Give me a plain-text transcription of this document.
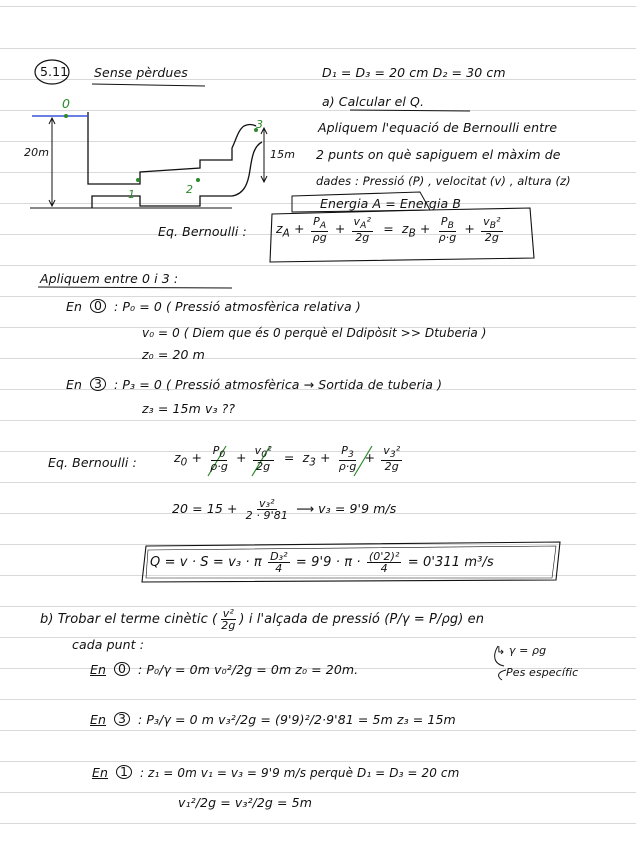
5.11 Sense pèrdues	D₁ = D₃ = 20 cm D₂ = 30 cm
a) Calcular el Q.
0
20m	15m
1	2
3	Apliquem l'equació de Bernoulli entre
2 punts on què sapiguem el màxim de
dades : Pressió (P) , velocitat (v) , altura (z)
Energia A = Energia B
Eq. Bernoulli : $z_A + \frac{P_A}{\rho g} + \frac{v_A^2}{2g} = z_B + \frac{P_B}{\rho\cdot g} + \frac{v_B^2}{2g}$
Apliquem entre 0 i 3 :
En 0 : P₀ = 0 ( Pressió atmosfèrica relativa )
v₀ = 0 ( Diem que és 0 perquè el Ddipòsit >> Dtuberia )
z₀ = 20 m
En 3 : P₃ = 0 ( Pressió atmosfèrica → Sortida de tuberia )
z₃ = 15m v₃ ??
Eq. Bernoulli :	$z_0 + \frac{P_0}{\rho\cdot g} + \frac{v_0^2}{2g} = z_3 + \frac{P_3}{\rho\cdot g} + \frac{v_3^2}{2g}$
$20 = 15 + \frac{\text{v₃²}}{2 \cdot 9'81}$ ⟶ v₃ = 9'9 m/s
Q = v · S = v₃ · π $\frac{\text{D₃²}}{4} = 9'9 \cdot \pi \cdot \frac{\text{(0'2)²}}{4} = 0'311$ m³/s
b) Trobar el terme cinètic ( $\frac{\text{v²}}{2g}$ ) i l'alçada de pressió (P/γ = P/ρg) en
cada punt :	↳ γ = ρg
Pes específic
En 0 : P₀/γ = 0m v₀²/2g = 0m z₀ = 20m.
En 3 : P₃/γ = 0 m v₃²/2g = (9'9)²/2·9'81 = 5m z₃ = 15m
En 1 : z₁ = 0m v₁ = v₃ = 9'9 m/s perquè D₁ = D₃ = 20 cm
v₁²/2g = v₃²/2g = 5m
